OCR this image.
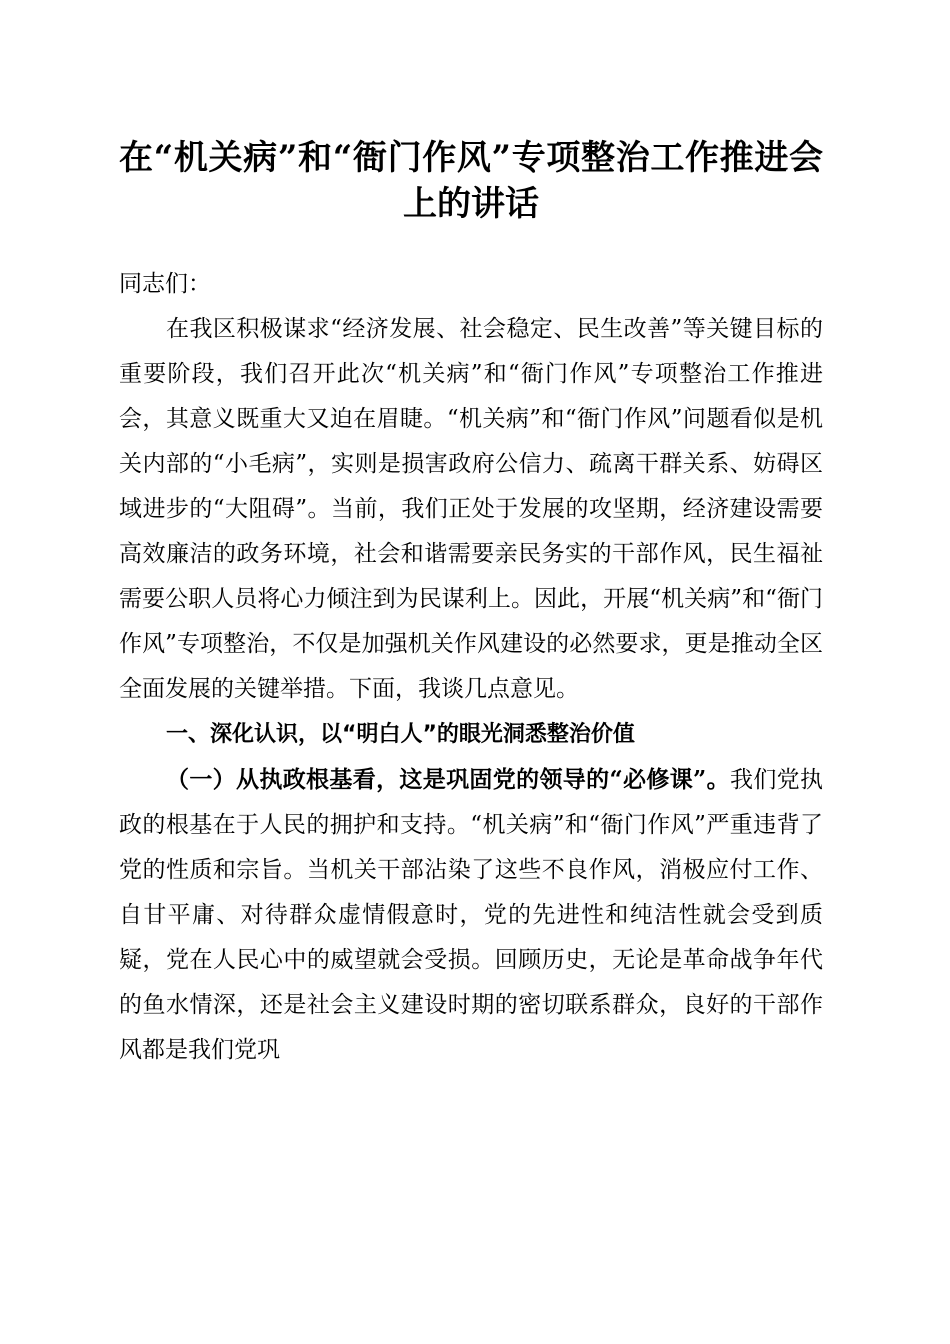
在“机关病”和“衙门作风”专项整治工作推进会上的讲话

同志们：

在我区积极谋求“经济发展、社会稳定、民生改善”等关键目标的重要阶段，我们召开此次“机关病”和“衙门作风”专项整治工作推进会，其意义既重大又迫在眉睫。“机关病”和“衙门作风”问题看似是机关内部的“小毛病”，实则是损害政府公信力、疏离干群关系、妨碍区域进步的“大阻碍”。当前，我们正处于发展的攻坚期，经济建设需要高效廉洁的政务环境，社会和谐需要亲民务实的干部作风，民生福祉需要公职人员将心力倾注到为民谋利上。因此，开展“机关病”和“衙门作风”专项整治，不仅是加强机关作风建设的必然要求，更是推动全区全面发展的关键举措。下面，我谈几点意见。

一、深化认识，以“明白人”的眼光洞悉整治价值

（一）从执政根基看，这是巩固党的领导的“必修课”。我们党执政的根基在于人民的拥护和支持。“机关病”和“衙门作风”严重违背了党的性质和宗旨。当机关干部沾染了这些不良作风，消极应付工作、自甘平庸、对待群众虚情假意时，党的先进性和纯洁性就会受到质疑，党在人民心中的威望就会受损。回顾历史，无论是革命战争年代的鱼水情深，还是社会主义建设时期的密切联系群众，良好的干部作风都是我们党巩
